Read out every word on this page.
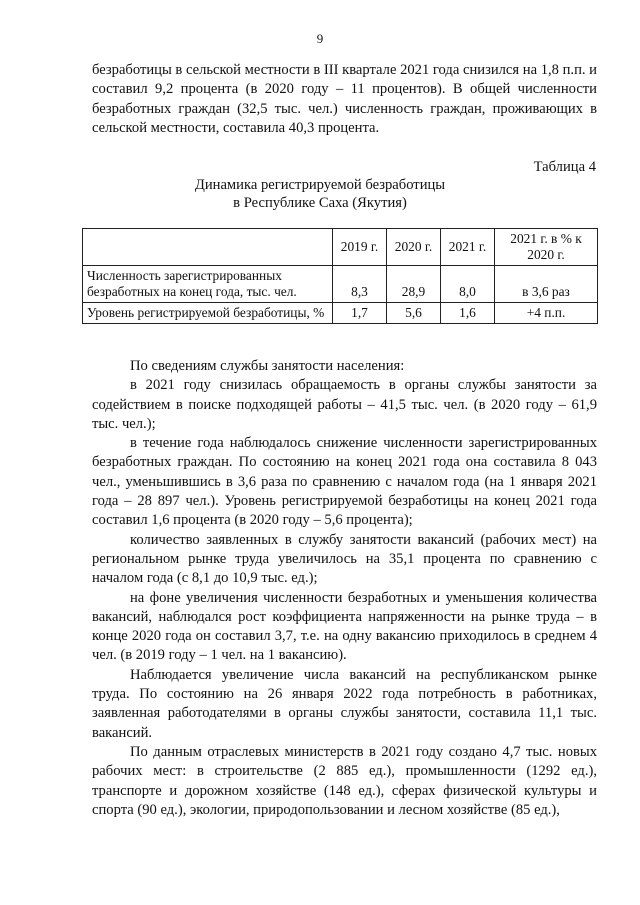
9

безработицы в сельской местности в III квартале 2021 года снизился на 1,8 п.п. и составил 9,2 процента (в 2020 году – 11 процентов). В общей численности безработных граждан (32,5 тыс. чел.) численность граждан, проживающих в сельской местности, составила 40,3 процента.

Таблица 4
Динамика регистрируемой безработицы
в Республике Саха (Якутия)
	2019 г.	2020 г.	2021 г.	2021 г. в % к 2020 г.
Численность зарегистрированных безработных на конец года, тыс. чел.	8,3	28,9	8,0	в 3,6 раз
Уровень регистрируемой безработицы, %	1,7	5,6	1,6	+4 п.п.

По сведениям службы занятости населения:

в 2021 году снизилась обращаемость в органы службы занятости за содействием в поиске подходящей работы – 41,5 тыс. чел. (в 2020 году – 61,9 тыс. чел.);

в течение года наблюдалось снижение численности зарегистрированных безработных граждан. По состоянию на конец 2021 года она составила 8 043 чел., уменьшившись в 3,6 раза по сравнению с началом года (на 1 января 2021 года – 28 897 чел.). Уровень регистрируемой безработицы на конец 2021 года составил 1,6 процента (в 2020 году – 5,6 процента);

количество заявленных в службу занятости вакансий (рабочих мест) на региональном рынке труда увеличилось на 35,1 процента по сравнению с началом года (с 8,1 до 10,9 тыс. ед.);

на фоне увеличения численности безработных и уменьшения количества вакансий, наблюдался рост коэффициента напряженности на рынке труда – в конце 2020 года он составил 3,7, т.е. на одну вакансию приходилось в среднем 4 чел. (в 2019 году – 1 чел. на 1 вакансию).

Наблюдается увеличение числа вакансий на республиканском рынке труда. По состоянию на 26 января 2022 года потребность в работниках, заявленная работодателями в органы службы занятости, составила 11,1 тыс. вакансий.

По данным отраслевых министерств в 2021 году создано 4,7 тыс. новых рабочих мест: в строительстве (2 885 ед.), промышленности (1292 ед.), транспорте и дорожном хозяйстве (148 ед.), сферах физической культуры и спорта (90 ед.), экологии, природопользовании и лесном хозяйстве (85 ед.),
